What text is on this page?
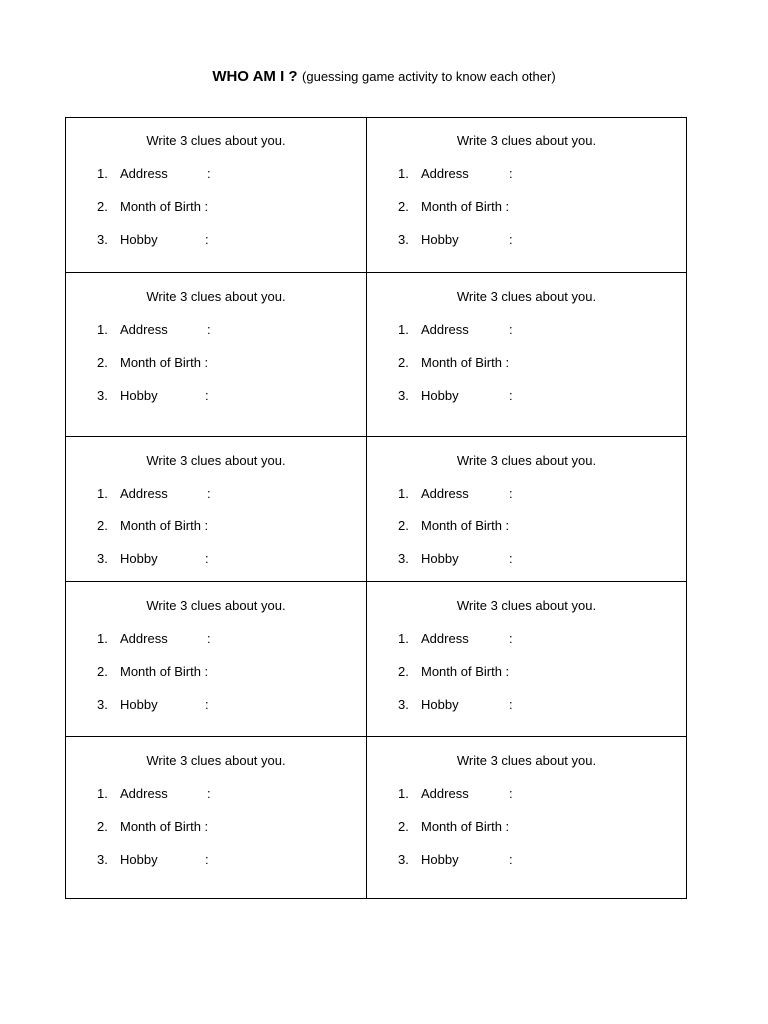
WHO AM I ? (guessing game activity to know each other)
Write 3 clues about you.
1. Address	:
2. Month of Birth :
3. Hobby	:
Write 3 clues about you.
1. Address	:
2. Month of Birth :
3. Hobby	:
Write 3 clues about you.
1. Address	:
2. Month of Birth :
3. Hobby	:
Write 3 clues about you.
1. Address	:
2. Month of Birth :
3. Hobby	:
Write 3 clues about you.
1. Address	:
2. Month of Birth :
3. Hobby	:
Write 3 clues about you.
1. Address	:
2. Month of Birth :
3. Hobby	:
Write 3 clues about you.
1. Address	:
2. Month of Birth :
3. Hobby	:
Write 3 clues about you.
1. Address	:
2. Month of Birth :
3. Hobby	:
Write 3 clues about you.
1. Address	:
2. Month of Birth :
3. Hobby	:
Write 3 clues about you.
1. Address	:
2. Month of Birth :
3. Hobby	:
